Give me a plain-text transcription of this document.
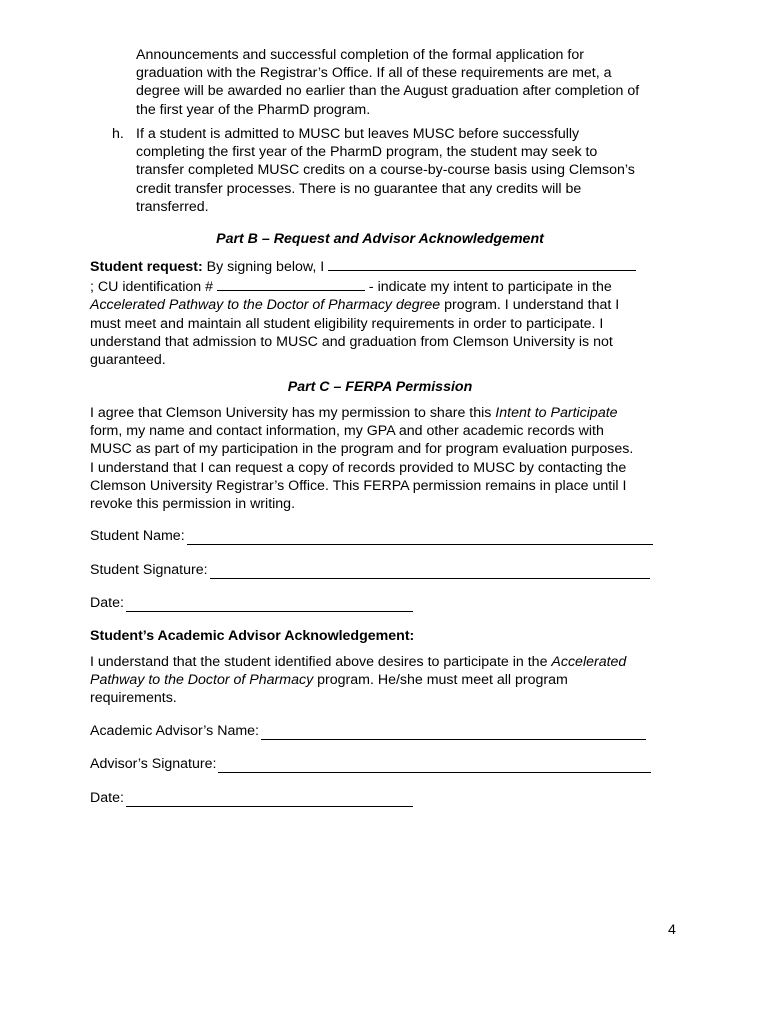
Announcements and successful completion of the formal application for
graduation with the Registrar’s Office. If all of these requirements are met, a
degree will be awarded no earlier than the August graduation after completion of
the first year of the PharmD program.
h. If a student is admitted to MUSC but leaves MUSC before successfully
completing the first year of the PharmD program, the student may seek to
transfer completed MUSC credits on a course-by-course basis using Clemson’s
credit transfer processes. There is no guarantee that any credits will be
transferred.

Part B – Request and Advisor Acknowledgement

Student request: By signing below, I
; CU identification #	- indicate my intent to participate in the
Accelerated Pathway to the Doctor of Pharmacy degree program. I understand that I
must meet and maintain all student eligibility requirements in order to participate. I
understand that admission to MUSC and graduation from Clemson University is not
guaranteed.

Part C – FERPA Permission

I agree that Clemson University has my permission to share this Intent to Participate
form, my name and contact information, my GPA and other academic records with
MUSC as part of my participation in the program and for program evaluation purposes.
I understand that I can request a copy of records provided to MUSC by contacting the
Clemson University Registrar’s Office. This FERPA permission remains in place until I
revoke this permission in writing.
Student Name:
Student Signature:
Date:

Student’s Academic Advisor Acknowledgement:

I understand that the student identified above desires to participate in the Accelerated
Pathway to the Doctor of Pharmacy program. He/she must meet all program
requirements.
Academic Advisor’s Name:
Advisor’s Signature:
Date:
4
